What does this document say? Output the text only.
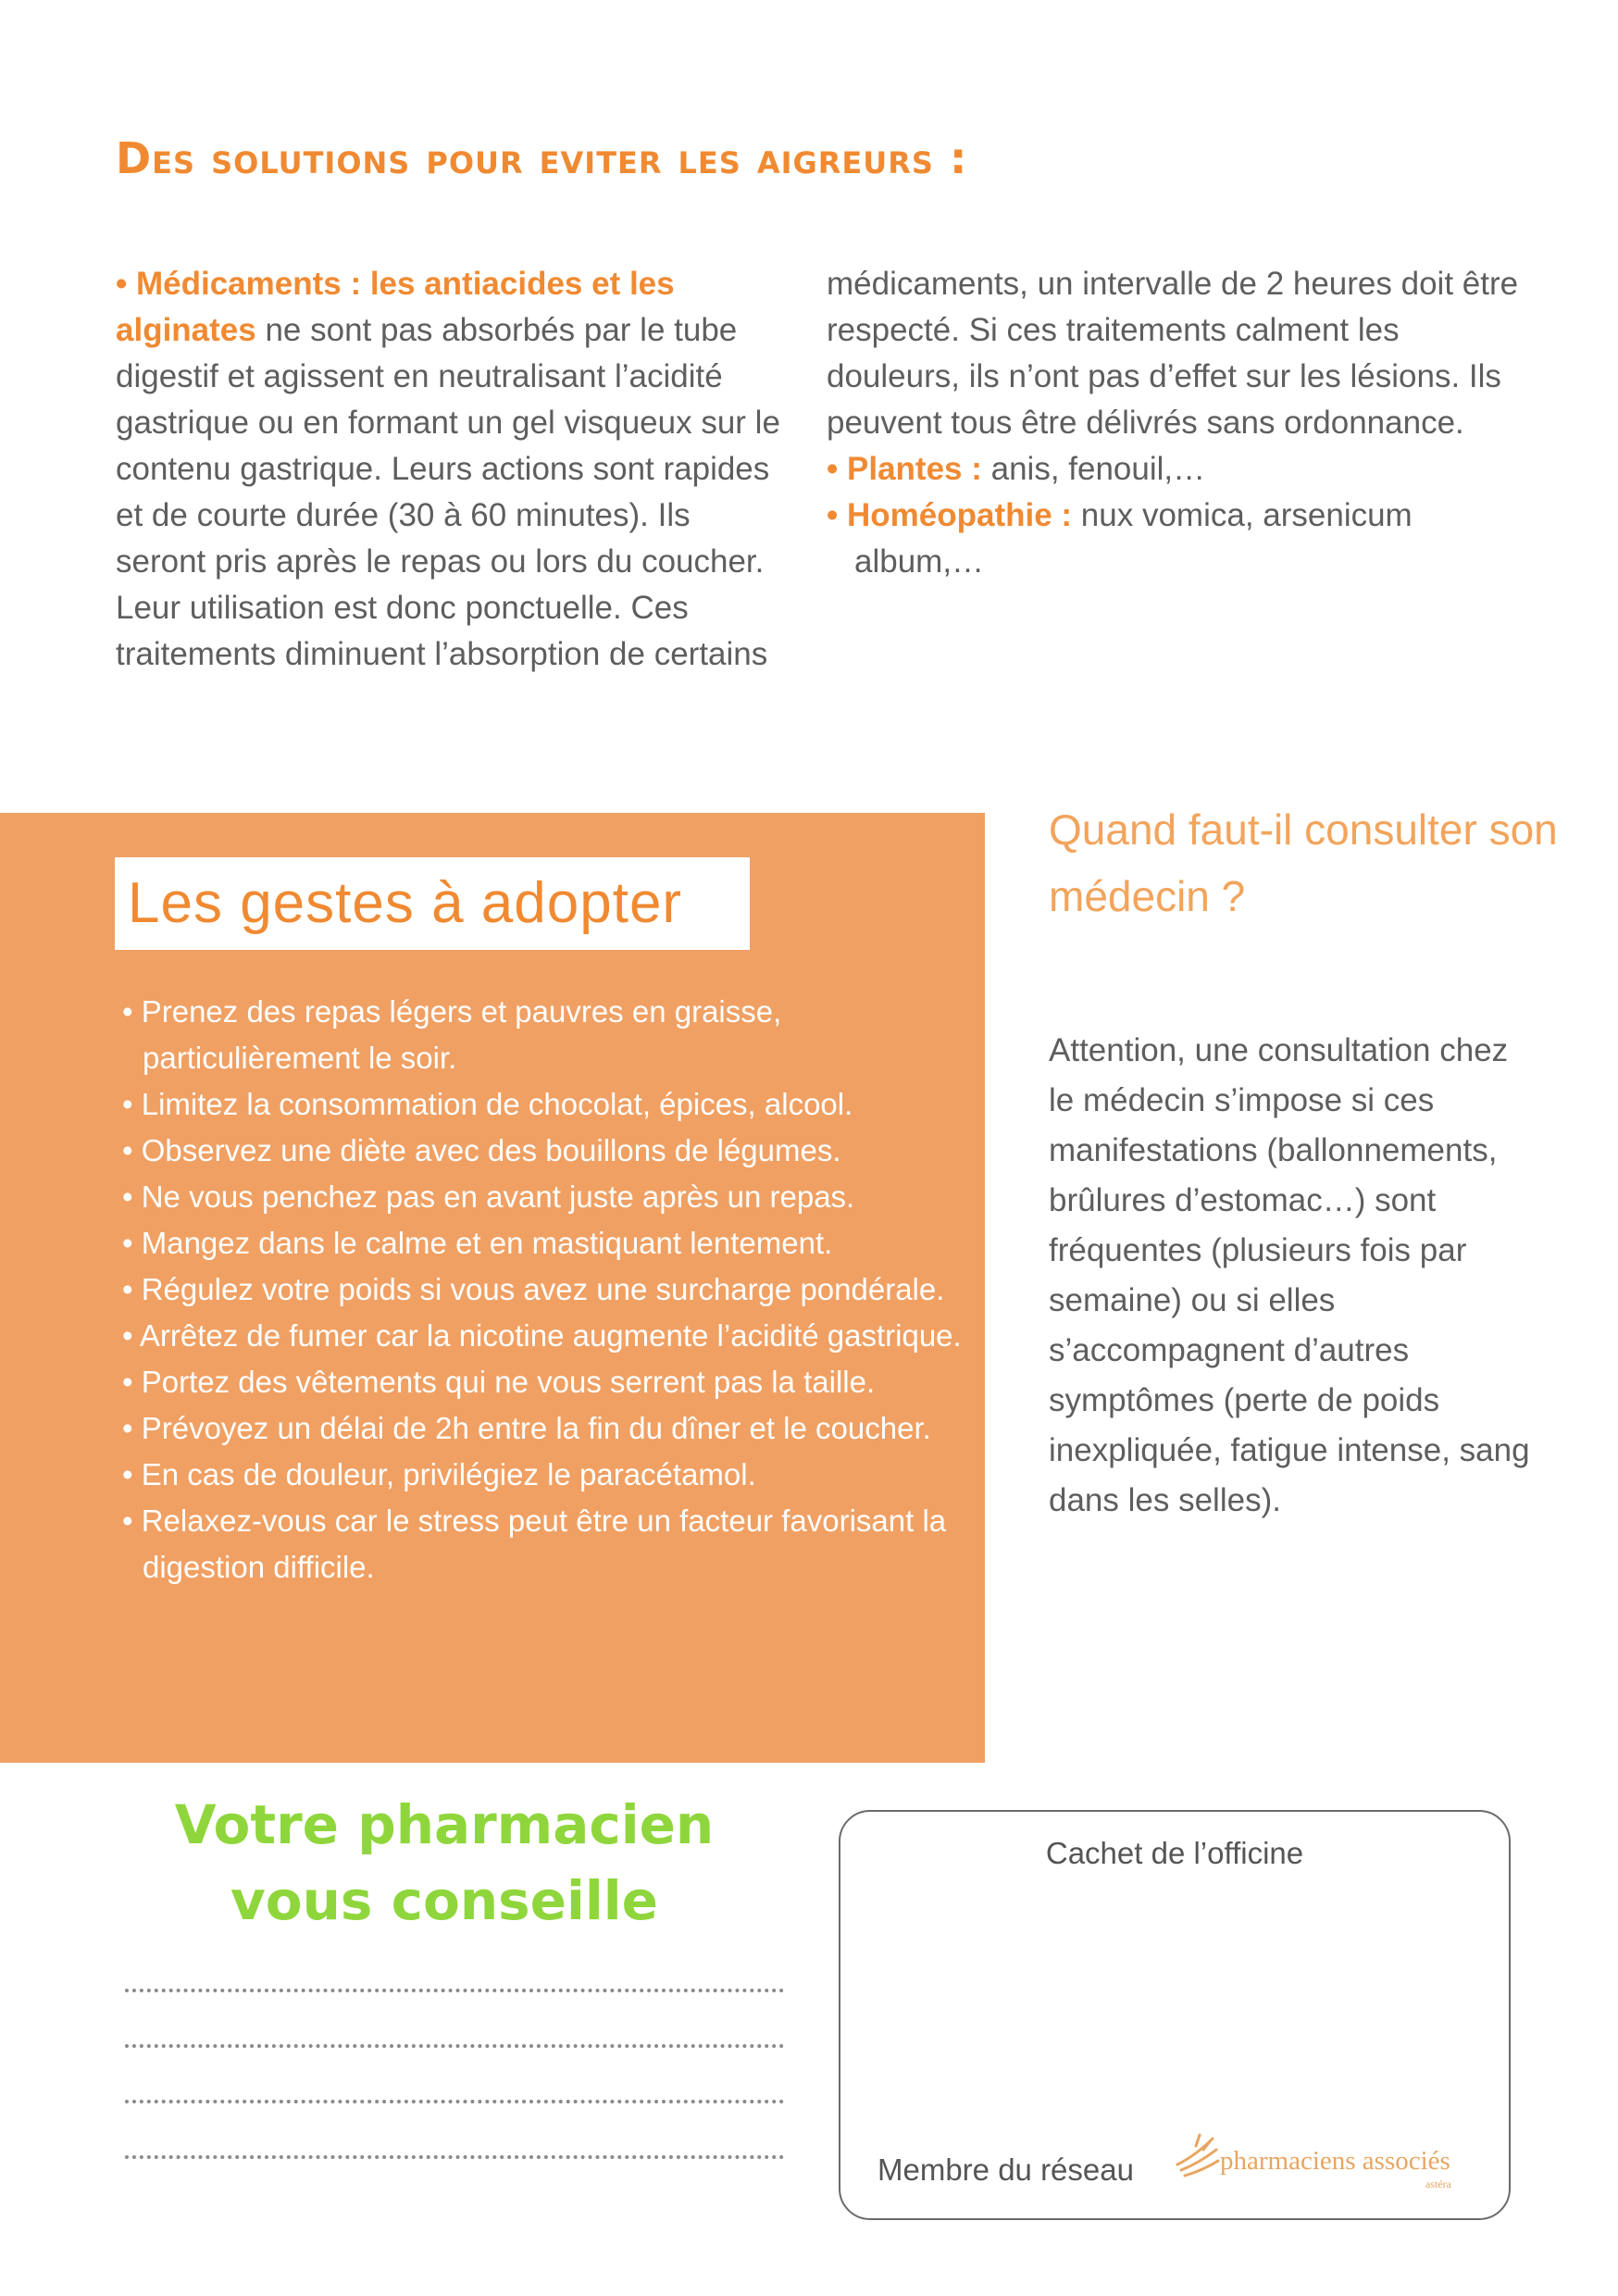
Des solutions pour eviter les aigreurs :

• Médicaments : les antiacides et les alginates ne sont pas absorbés par le tube digestif et agissent en neutralisant l’acidité gastrique ou en formant un gel visqueux sur le contenu gastrique. Leurs actions sont rapides et de courte durée (30 à 60 minutes). Ils seront pris après le repas ou lors du coucher. Leur utilisation est donc ponctuelle. Ces traitements diminuent l’absorption de certains

médicaments, un intervalle de 2 heures doit être respecté. Si ces traitements calment les douleurs, ils n’ont pas d’effet sur les lésions. Ils peuvent tous être délivrés sans ordonnance.

• Plantes : anis, fenouil,…
• Homéopathie : nux vomica, arsenicum
album,…
Les gestes à adopter
• Prenez des repas légers et pauvres en graisse, particulièrement le soir.
• Limitez la consommation de chocolat, épices, alcool.
• Observez une diète avec des bouillons de légumes.
• Ne vous penchez pas en avant juste après un repas.
• Mangez dans le calme et en mastiquant lentement.
• Régulez votre poids si vous avez une surcharge pondérale.
• Arrêtez de fumer car la nicotine augmente l’acidité gastrique.
• Portez des vêtements qui ne vous serrent pas la taille.
• Prévoyez un délai de 2h entre la fin du dîner et le coucher.
• En cas de douleur, privilégiez le paracétamol.
• Relaxez-vous car le stress peut être un facteur favorisant la digestion difficile.
Quand faut-il consulter son médecin ?
Attention, une consultation chez le médecin s’impose si ces manifestations (ballonnements, brûlures d’estomac…) sont fréquentes (plusieurs fois par semaine) ou si elles s’accompagnent d’autres symptômes (perte de poids inexpliquée, fatigue intense, sang dans les selles).
Votre pharmacien
vous conseille
Cachet de l’officine
Membre du réseau	pharmaciens associés
astéra
